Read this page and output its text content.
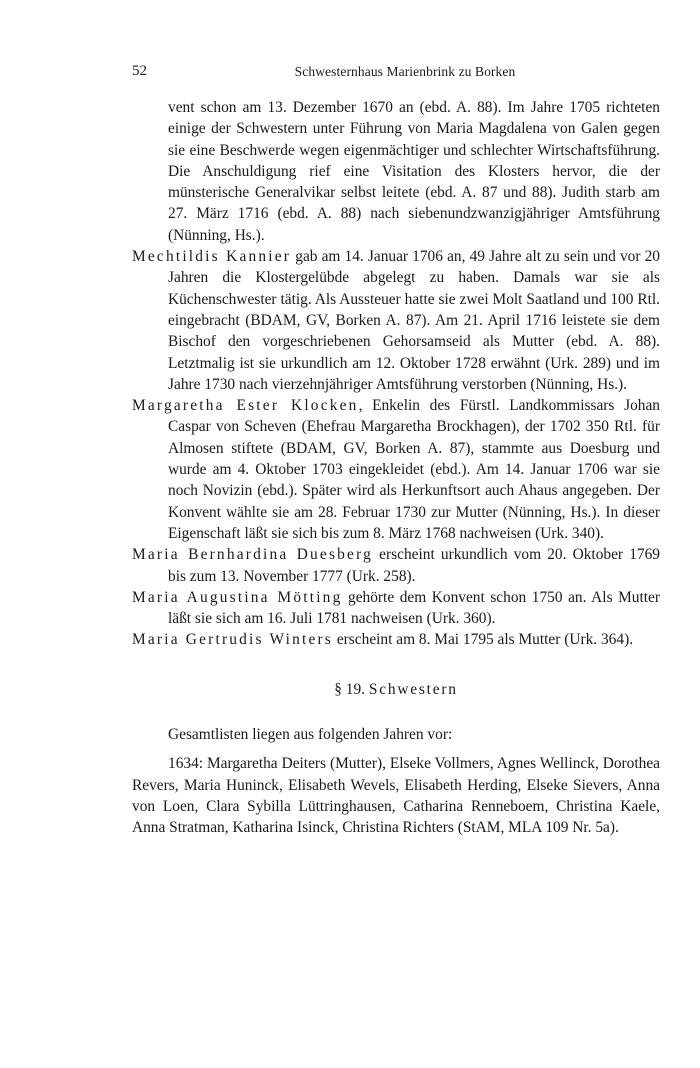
52	Schwesternhaus Marienbrink zu Borken

vent schon am 13. Dezember 1670 an (ebd. A. 88). Im Jahre 1705 richteten einige der Schwestern unter Führung von Maria Magdalena von Galen gegen sie eine Beschwerde wegen eigenmächtiger und schlechter Wirtschaftsführung. Die Anschuldigung rief eine Visitation des Klosters hervor, die der münsterische Generalvikar selbst leitete (ebd. A. 87 und 88). Judith starb am 27. März 1716 (ebd. A. 88) nach siebenundzwanzigjähriger Amtsführung (Nünning, Hs.).

Mechtildis Kannier gab am 14. Januar 1706 an, 49 Jahre alt zu sein und vor 20 Jahren die Klostergelübde abgelegt zu haben. Damals war sie als Küchenschwester tätig. Als Aussteuer hatte sie zwei Molt Saatland und 100 Rtl. eingebracht (BDAM, GV, Borken A. 87). Am 21. April 1716 leistete sie dem Bischof den vorgeschriebenen Gehorsamseid als Mutter (ebd. A. 88). Letztmalig ist sie urkundlich am 12. Oktober 1728 erwähnt (Urk. 289) und im Jahre 1730 nach vierzehnjähriger Amtsführung verstorben (Nünning, Hs.).

Margaretha Ester Klocken, Enkelin des Fürstl. Landkommissars Johan Caspar von Scheven (Ehefrau Margaretha Brockhagen), der 1702 350 Rtl. für Almosen stiftete (BDAM, GV, Borken A. 87), stammte aus Doesburg und wurde am 4. Oktober 1703 eingekleidet (ebd.). Am 14. Januar 1706 war sie noch Novizin (ebd.). Später wird als Herkunftsort auch Ahaus angegeben. Der Konvent wählte sie am 28. Februar 1730 zur Mutter (Nünning, Hs.). In dieser Eigenschaft läßt sie sich bis zum 8. März 1768 nachweisen (Urk. 340).

Maria Bernhardina Duesberg erscheint urkundlich vom 20. Oktober 1769 bis zum 13. November 1777 (Urk. 258).

Maria Augustina Mötting gehörte dem Konvent schon 1750 an. Als Mutter läßt sie sich am 16. Juli 1781 nachweisen (Urk. 360).

Maria Gertrudis Winters erscheint am 8. Mai 1795 als Mutter (Urk. 364).

§ 19. Schwestern

Gesamtlisten liegen aus folgenden Jahren vor:

1634: Margaretha Deiters (Mutter), Elseke Vollmers, Agnes Wellinck, Dorothea Revers, Maria Huninck, Elisabeth Wevels, Elisabeth Herding, Elseke Sievers, Anna von Loen, Clara Sybilla Lüttringhausen, Catharina Renneboem, Christina Kaele, Anna Stratman, Katharina Isinck, Christina Richters (StAM, MLA 109 Nr. 5a).
